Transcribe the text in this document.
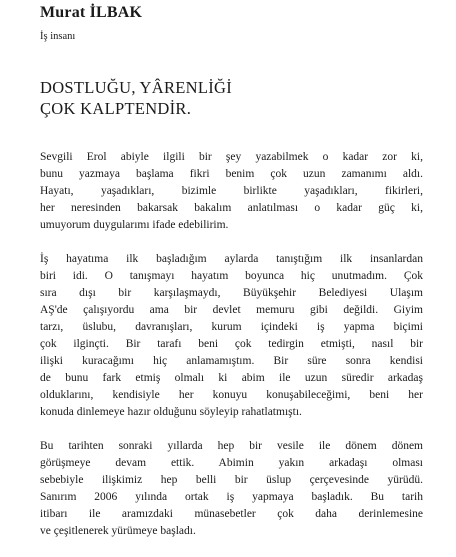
Murat İLBAK
İş insanı
DOSTLUĞU, YÂRENLİĞİ
ÇOK KALPTENDİR.

Sevgili Erol abiyle ilgili bir şey yazabilmek o kadar zor ki,
bunu yazmaya başlama fikri benim çok uzun zamanımı aldı.
Hayatı, yaşadıkları, bizimle birlikte yaşadıkları, fikirleri,
her neresinden bakarsak bakalım anlatılması o kadar güç ki,
umuyorum duygularımı ifade edebilirim.

İş hayatıma ilk başladığım aylarda tanıştığım ilk insanlardan
biri idi. O tanışmayı hayatım boyunca hiç unutmadım. Çok
sıra dışı bir karşılaşmaydı, Büyükşehir Belediyesi Ulaşım
AŞ'de çalışıyordu ama bir devlet memuru gibi değildi. Giyim
tarzı, üslubu, davranışları, kurum içindeki iş yapma biçimi
çok ilginçti. Bir tarafı beni çok tedirgin etmişti, nasıl bir
ilişki kuracağımı hiç anlamamıştım. Bir süre sonra kendisi
de bunu fark etmiş olmalı ki abim ile uzun süredir arkadaş
olduklarını, kendisiyle her konuyu konuşabileceğimi, beni her
konuda dinlemeye hazır olduğunu söyleyip rahatlatmıştı.

Bu tarihten sonraki yıllarda hep bir vesile ile dönem dönem
görüşmeye devam ettik. Abimin yakın arkadaşı olması
sebebiyle ilişkimiz hep belli bir üslup çerçevesinde yürüdü.
Sanırım 2006 yılında ortak iş yapmaya başladık. Bu tarih
itibarı ile aramızdaki münasebetler çok daha derinlemesine
ve çeşitlenerek yürümeye başladı.
